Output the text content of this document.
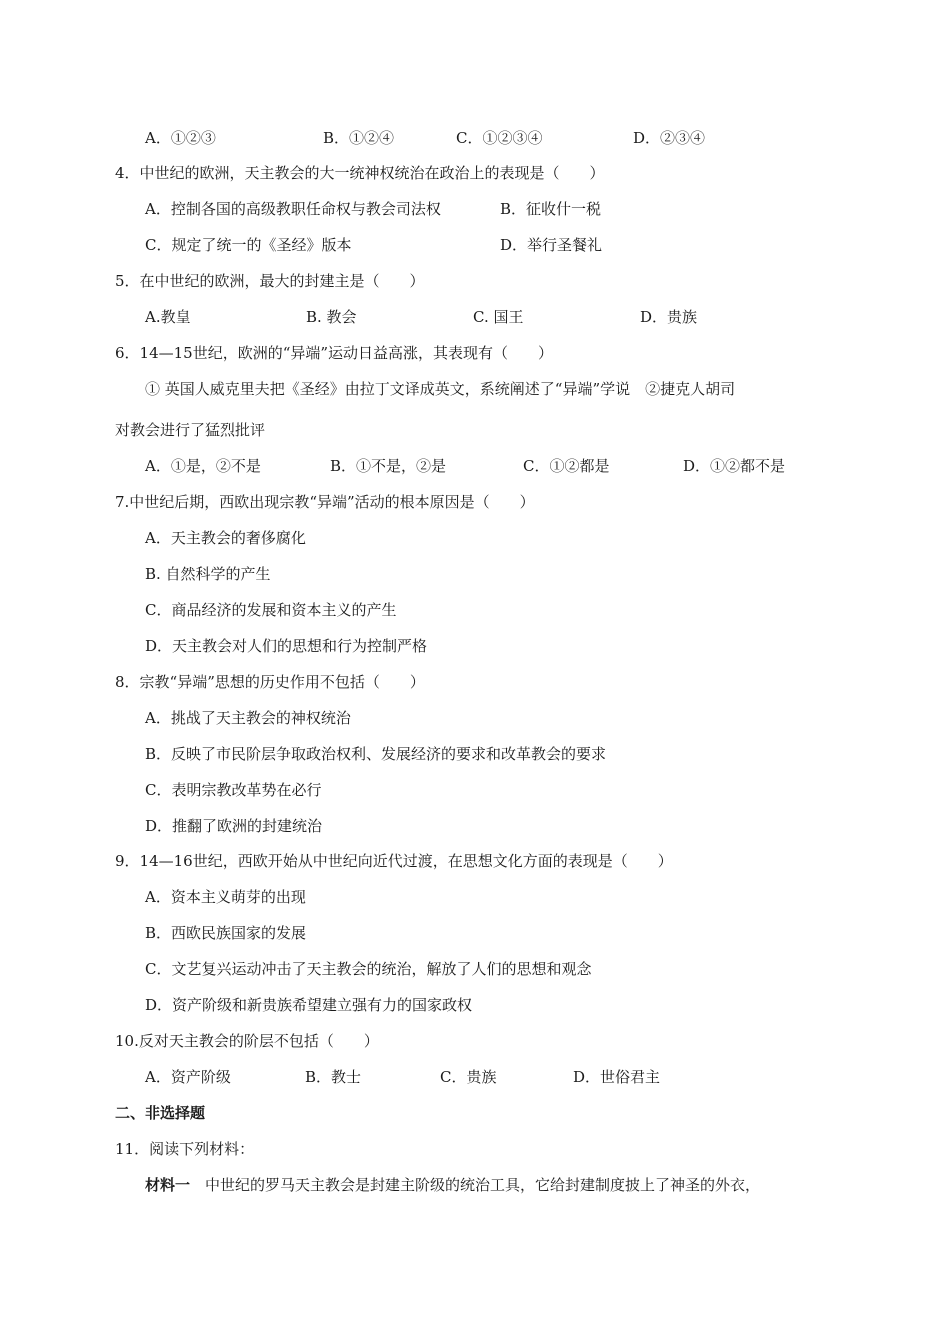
A．①②③	B．①②④	C．①②③④	D．②③④
4．中世纪的欧洲，天主教会的大一统神权统治在政治上的表现是（　　）
A．控制各国的高级教职任命权与教会司法权	B．征收什一税
C．规定了统一的《圣经》版本	D．举行圣餐礼
5．在中世纪的欧洲，最大的封建主是（　　）
A.教皇	B. 教会	C. 国王	D．贵族
6．14—15世纪，欧洲的“异端”运动日益高涨，其表现有（　　）
① 英国人威克里夫把《圣经》由拉丁文译成英文，系统阐述了“异端”学说　②捷克人胡司
对教会进行了猛烈批评
A．①是，②不是	B．①不是，②是	C．①②都是	D．①②都不是
7.中世纪后期，西欧出现宗教“异端”活动的根本原因是（　　）
A．天主教会的奢侈腐化
B. 自然科学的产生
C．商品经济的发展和资本主义的产生
D．天主教会对人们的思想和行为控制严格
8．宗教“异端”思想的历史作用不包括（　　）
A．挑战了天主教会的神权统治
B．反映了市民阶层争取政治权利、发展经济的要求和改革教会的要求
C．表明宗教改革势在必行
D．推翻了欧洲的封建统治
9．14—16世纪，西欧开始从中世纪向近代过渡，在思想文化方面的表现是（　　）
A．资本主义萌芽的出现
B．西欧民族国家的发展
C．文艺复兴运动冲击了天主教会的统治，解放了人们的思想和观念
D．资产阶级和新贵族希望建立强有力的国家政权
10.反对天主教会的阶层不包括（　　）
A．资产阶级	B．教士	C．贵族	D．世俗君主
二、非选择题
11．阅读下列材料：
材料一　中世纪的罗马天主教会是封建主阶级的统治工具，它给封建制度披上了神圣的外衣，
